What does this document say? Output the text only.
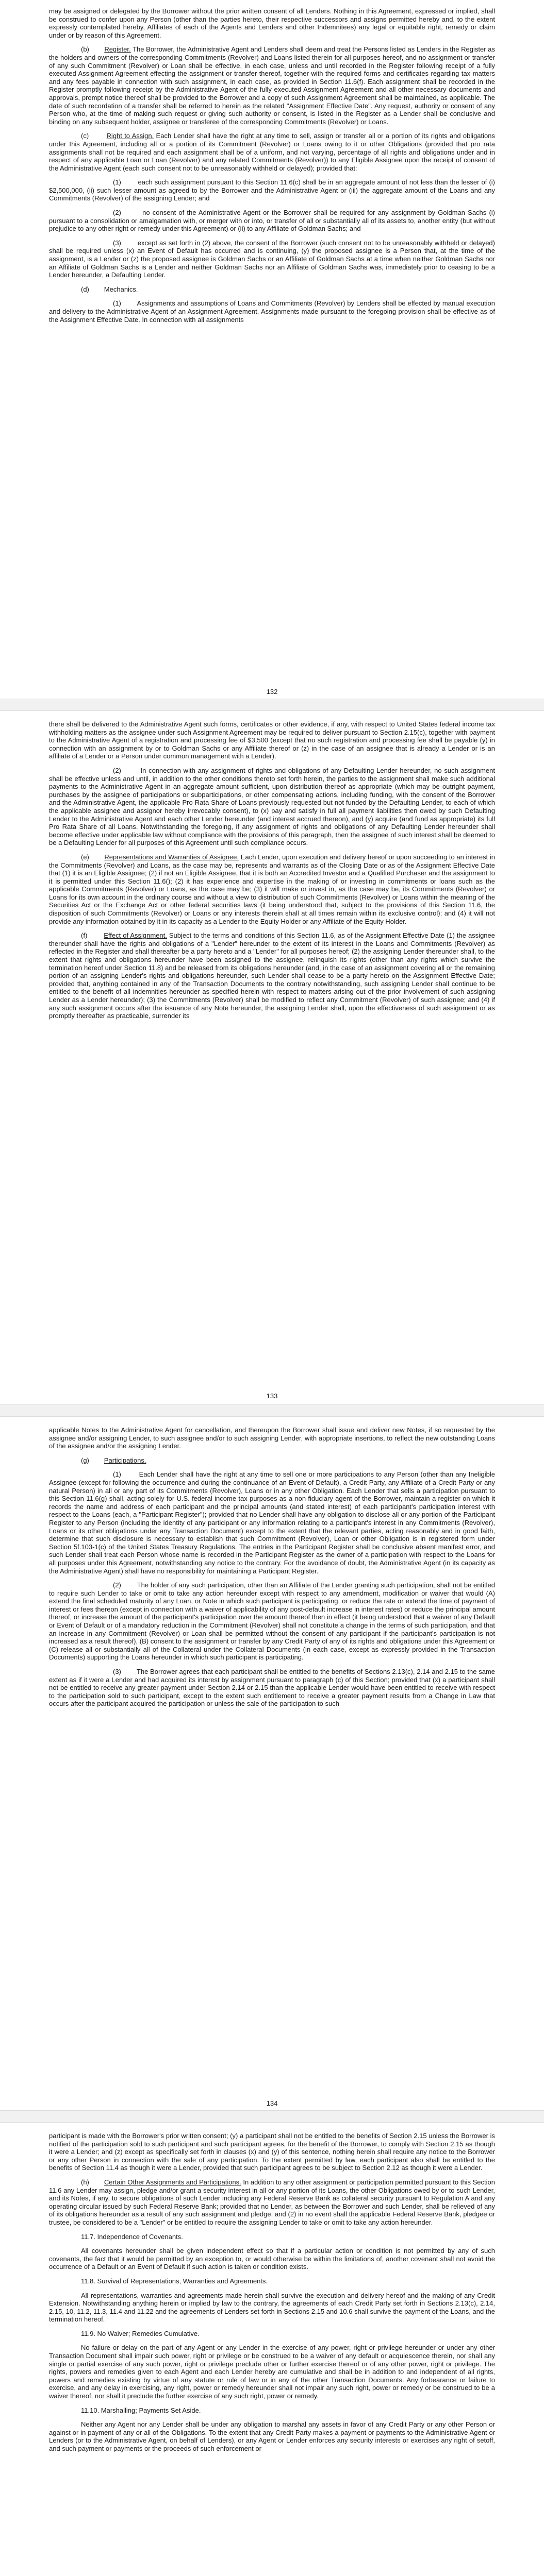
may be assigned or delegated by the Borrower without the prior written consent of all Lenders. Nothing in this Agreement, expressed or implied, shall be construed to confer upon any Person (other than the parties hereto, their respective successors and assigns permitted hereby and, to the extent expressly contemplated hereby, Affiliates of each of the Agents and Lenders and other Indemnitees) any legal or equitable right, remedy or claim under or by reason of this Agreement.

(b) Register. The Borrower, the Administrative Agent and Lenders shall deem and treat the Persons listed as Lenders in the Register as the holders and owners of the corresponding Commitments (Revolver) and Loans listed therein for all purposes hereof, and no assignment or transfer of any such Commitment (Revolver) or Loan shall be effective, in each case, unless and until recorded in the Register following receipt of a fully executed Assignment Agreement effecting the assignment or transfer thereof, together with the required forms and certificates regarding tax matters and any fees payable in connection with such assignment, in each case, as provided in Section 11.6(f). Each assignment shall be recorded in the Register promptly following receipt by the Administrative Agent of the fully executed Assignment Agreement and all other necessary documents and approvals, prompt notice thereof shall be provided to the Borrower and a copy of such Assignment Agreement shall be maintained, as applicable. The date of such recordation of a transfer shall be referred to herein as the related "Assignment Effective Date". Any request, authority or consent of any Person who, at the time of making such request or giving such authority or consent, is listed in the Register as a Lender shall be conclusive and binding on any subsequent holder, assignee or transferee of the corresponding Commitments (Revolver) or Loans.

(c)	Right to Assign. Each Lender shall have the right at any time to sell, assign or transfer all or a portion of its rights and obligations under this Agreement, including all or a portion of its Commitment (Revolver) or Loans owing to it or other Obligations (provided that pro rata assignments shall not be required and each assignment shall be of a uniform, and not varying, percentage of all rights and obligations under and in respect of any applicable Loan or Loan (Revolver) and any related Commitments (Revolver)) to any Eligible Assignee upon the receipt of consent of the Administrative Agent (each such consent not to be unreasonably withheld or delayed); provided that:

(1)	each such assignment pursuant to this Section 11.6(c) shall be in an aggregate amount of not less than the lesser of (i) $2,500,000, (ii) such lesser amount as agreed to by the Borrower and the Administrative Agent or (iii) the aggregate amount of the Loans and any Commitments (Revolver) of the assigning Lender; and

(2)	no consent of the Administrative Agent or the Borrower shall be required for any assignment by Goldman Sachs (i) pursuant to a consolidation or amalgamation with, or merger with or into, or transfer of all or substantially all of its assets to, another entity (but without prejudice to any other right or remedy under this Agreement) or (ii) to any Affiliate of Goldman Sachs; and

(3) except as set forth in (2) above, the consent of the Borrower (such consent not to be unreasonably withheld or delayed) shall be required unless (x) an Event of Default has occurred and is continuing, (y) the proposed assignee is a Person that, at the time of the assignment, is a Lender or (z) the proposed assignee is Goldman Sachs or an Affiliate of Goldman Sachs at a time when neither Goldman Sachs nor an Affiliate of Goldman Sachs is a Lender and neither Goldman Sachs nor an Affiliate of Goldman Sachs was, immediately prior to ceasing to be a Lender hereunder, a Defaulting Lender.

(d) Mechanics.

(1) Assignments and assumptions of Loans and Commitments (Revolver) by Lenders shall be effected by manual execution and delivery to the Administrative Agent of an Assignment Agreement. Assignments made pursuant to the foregoing provision shall be effective as of the Assignment Effective Date. In connection with all assignments

132

there shall be delivered to the Administrative Agent such forms, certificates or other evidence, if any, with respect to United States federal income tax withholding matters as the assignee under such Assignment Agreement may be required to deliver pursuant to Section 2.15(c), together with payment to the Administrative Agent of a registration and processing fee of $3,500 (except that no such registration and processing fee shall be payable (y) in connection with an assignment by or to Goldman Sachs or any Affiliate thereof or (z) in the case of an assignee that is already a Lender or is an affiliate of a Lender or a Person under common management with a Lender).

(2)	In connection with any assignment of rights and obligations of any Defaulting Lender hereunder, no such assignment shall be effective unless and until, in addition to the other conditions thereto set forth herein, the parties to the assignment shall make such additional payments to the Administrative Agent in an aggregate amount sufficient, upon distribution thereof as appropriate (which may be outright payment, purchases by the assignee of participations or subparticipations, or other compensating actions, including funding, with the consent of the Borrower and the Administrative Agent, the applicable Pro Rata Share of Loans previously requested but not funded by the Defaulting Lender, to each of which the applicable assignee and assignor hereby irrevocably consent), to (x) pay and satisfy in full all payment liabilities then owed by such Defaulting Lender to the Administrative Agent and each other Lender hereunder (and interest accrued thereon), and (y) acquire (and fund as appropriate) its full Pro Rata Share of all Loans. Notwithstanding the foregoing, if any assignment of rights and obligations of any Defaulting Lender hereunder shall become effective under applicable law without compliance with the provisions of this paragraph, then the assignee of such interest shall be deemed to be a Defaulting Lender for all purposes of this Agreement until such compliance occurs.

(e) Representations and Warranties of Assignee. Each Lender, upon execution and delivery hereof or upon succeeding to an interest in the Commitments (Revolver) and Loans, as the case may be, represents and warrants as of the Closing Date or as of the Assignment Effective Date that (1) it is an Eligible Assignee; (2) if not an Eligible Assignee, that it is both an Accredited Investor and a Qualified Purchaser and the assignment to it is permitted under this Section 11.6(); (2) it has experience and expertise in the making of or investing in commitments or loans such as the applicable Commitments (Revolver) or Loans, as the case may be; (3) it will make or invest in, as the case may be, its Commitments (Revolver) or Loans for its own account in the ordinary course and without a view to distribution of such Commitments (Revolver) or Loans within the meaning of the Securities Act or the Exchange Act or other federal securities laws (it being understood that, subject to the provisions of this Section 11.6, the disposition of such Commitments (Revolver) or Loans or any interests therein shall at all times remain within its exclusive control); and (4) it will not provide any information obtained by it in its capacity as a Lender to the Equity Holder or any Affiliate of the Equity Holder.

(f) Effect of Assignment. Subject to the terms and conditions of this Section 11.6, as of the Assignment Effective Date (1) the assignee thereunder shall have the rights and obligations of a "Lender" hereunder to the extent of its interest in the Loans and Commitments (Revolver) as reflected in the Register and shall thereafter be a party hereto and a "Lender" for all purposes hereof; (2) the assigning Lender thereunder shall, to the extent that rights and obligations hereunder have been assigned to the assignee, relinquish its rights (other than any rights which survive the termination hereof under Section 11.8) and be released from its obligations hereunder (and, in the case of an assignment covering all or the remaining portion of an assigning Lender's rights and obligations hereunder, such Lender shall cease to be a party hereto on the Assignment Effective Date; provided that, anything contained in any of the Transaction Documents to the contrary notwithstanding, such assigning Lender shall continue to be entitled to the benefit of all indemnities hereunder as specified herein with respect to matters arising out of the prior involvement of such assigning Lender as a Lender hereunder); (3) the Commitments (Revolver) shall be modified to reflect any Commitment (Revolver) of such assignee; and (4) if any such assignment occurs after the issuance of any Note hereunder, the assigning Lender shall, upon the effectiveness of such assignment or as promptly thereafter as practicable, surrender its

133

applicable Notes to the Administrative Agent for cancellation, and thereupon the Borrower shall issue and deliver new Notes, if so requested by the assignee and/or assigning Lender, to such assignee and/or to such assigning Lender, with appropriate insertions, to reflect the new outstanding Loans of the assignee and/or the assigning Lender.

(g) Participations.

(1)	Each Lender shall have the right at any time to sell one or more participations to any Person (other than any Ineligible Assignee (except for following the occurrence and during the continuance of an Event of Default), a Credit Party, any Affiliate of a Credit Party or any natural Person) in all or any part of its Commitments (Revolver), Loans or in any other Obligation. Each Lender that sells a participation pursuant to this Section 11.6(g) shall, acting solely for U.S. federal income tax purposes as a non-fiduciary agent of the Borrower, maintain a register on which it records the name and address of each participant and the principal amounts (and stated interest) of each participant's participation interest with respect to the Loans (each, a "Participant Register"); provided that no Lender shall have any obligation to disclose all or any portion of the Participant Register to any Person (including the identity of any participant or any information relating to a participant's interest in any Commitments (Revolver), Loans or its other obligations under any Transaction Document) except to the extent that the relevant parties, acting reasonably and in good faith, determine that such disclosure is necessary to establish that such Commitment (Revolver), Loan or other Obligation is in registered form under Section 5f.103-1(c) of the United States Treasury Regulations. The entries in the Participant Register shall be conclusive absent manifest error, and such Lender shall treat each Person whose name is recorded in the Participant Register as the owner of a participation with respect to the Loans for all purposes under this Agreement, notwithstanding any notice to the contrary. For the avoidance of doubt, the Administrative Agent (in its capacity as the Administrative Agent) shall have no responsibility for maintaining a Participant Register.

(2) The holder of any such participation, other than an Affiliate of the Lender granting such participation, shall not be entitled to require such Lender to take or omit to take any action hereunder except with respect to any amendment, modification or waiver that would (A) extend the final scheduled maturity of any Loan, or Note in which such participant is participating, or reduce the rate or extend the time of payment of interest or fees thereon (except in connection with a waiver of applicability of any post-default increase in interest rates) or reduce the principal amount thereof, or increase the amount of the participant's participation over the amount thereof then in effect (it being understood that a waiver of any Default or Event of Default or of a mandatory reduction in the Commitment (Revolver) shall not constitute a change in the terms of such participation, and that an increase in any Commitment (Revolver) or Loan shall be permitted without the consent of any participant if the participant's participation is not increased as a result thereof), (B) consent to the assignment or transfer by any Credit Party of any of its rights and obligations under this Agreement or (C) release all or substantially all of the Collateral under the Collateral Documents (in each case, except as expressly provided in the Transaction Documents) supporting the Loans hereunder in which such participant is participating.

(3) The Borrower agrees that each participant shall be entitled to the benefits of Sections 2.13(c), 2.14 and 2.15 to the same extent as if it were a Lender and had acquired its interest by assignment pursuant to paragraph (c) of this Section; provided that (x) a participant shall not be entitled to receive any greater payment under Section 2.14 or 2.15 than the applicable Lender would have been entitled to receive with respect to the participation sold to such participant, except to the extent such entitlement to receive a greater payment results from a Change in Law that occurs after the participant acquired the participation or unless the sale of the participation to such

134

participant is made with the Borrower's prior written consent; (y) a participant shall not be entitled to the benefits of Section 2.15 unless the Borrower is notified of the participation sold to such participant and such participant agrees, for the benefit of the Borrower, to comply with Section 2.15 as though it were a Lender; and (z) except as specifically set forth in clauses (x) and (y) of this sentence, nothing herein shall require any notice to the Borrower or any other Person in connection with the sale of any participation. To the extent permitted by law, each participant also shall be entitled to the benefits of Section 11.4 as though it were a Lender, provided that such participant agrees to be subject to Section 2.12 as though it were a Lender.

(h) Certain Other Assignments and Participations. In addition to any other assignment or participation permitted pursuant to this Section 11.6 any Lender may assign, pledge and/or grant a security interest in all or any portion of its Loans, the other Obligations owed by or to such Lender, and its Notes, if any, to secure obligations of such Lender including any Federal Reserve Bank as collateral security pursuant to Regulation A and any operating circular issued by such Federal Reserve Bank; provided that no Lender, as between the Borrower and such Lender, shall be relieved of any of its obligations hereunder as a result of any such assignment and pledge, and (2) in no event shall the applicable Federal Reserve Bank, pledgee or trustee, be considered to be a "Lender" or be entitled to require the assigning Lender to take or omit to take any action hereunder.

11.7. Independence of Covenants.

All covenants hereunder shall be given independent effect so that if a particular action or condition is not permitted by any of such covenants, the fact that it would be permitted by an exception to, or would otherwise be within the limitations of, another covenant shall not avoid the occurrence of a Default or an Event of Default if such action is taken or condition exists.

11.8. Survival of Representations, Warranties and Agreements.

All representations, warranties and agreements made herein shall survive the execution and delivery hereof and the making of any Credit Extension. Notwithstanding anything herein or implied by law to the contrary, the agreements of each Credit Party set forth in Sections 2.13(c), 2.14, 2.15, 10, 11.2, 11.3, 11.4 and 11.22 and the agreements of Lenders set forth in Sections 2.15 and 10.6 shall survive the payment of the Loans, and the termination hereof.

11.9. No Waiver; Remedies Cumulative.

No failure or delay on the part of any Agent or any Lender in the exercise of any power, right or privilege hereunder or under any other Transaction Document shall impair such power, right or privilege or be construed to be a waiver of any default or acquiescence therein, nor shall any single or partial exercise of any such power, right or privilege preclude other or further exercise thereof or of any other power, right or privilege. The rights, powers and remedies given to each Agent and each Lender hereby are cumulative and shall be in addition to and independent of all rights, powers and remedies existing by virtue of any statute or rule of law or in any of the other Transaction Documents. Any forbearance or failure to exercise, and any delay in exercising, any right, power or remedy hereunder shall not impair any such right, power or remedy or be construed to be a waiver thereof, nor shall it preclude the further exercise of any such right, power or remedy.

11.10. Marshalling; Payments Set Aside.

Neither any Agent nor any Lender shall be under any obligation to marshal any assets in favor of any Credit Party or any other Person or against or in payment of any or all of the Obligations. To the extent that any Credit Party makes a payment or payments to the Administrative Agent or Lenders (or to the Administrative Agent, on behalf of Lenders), or any Agent or Lender enforces any security interests or exercises any right of setoff, and such payment or payments or the proceeds of such enforcement or
